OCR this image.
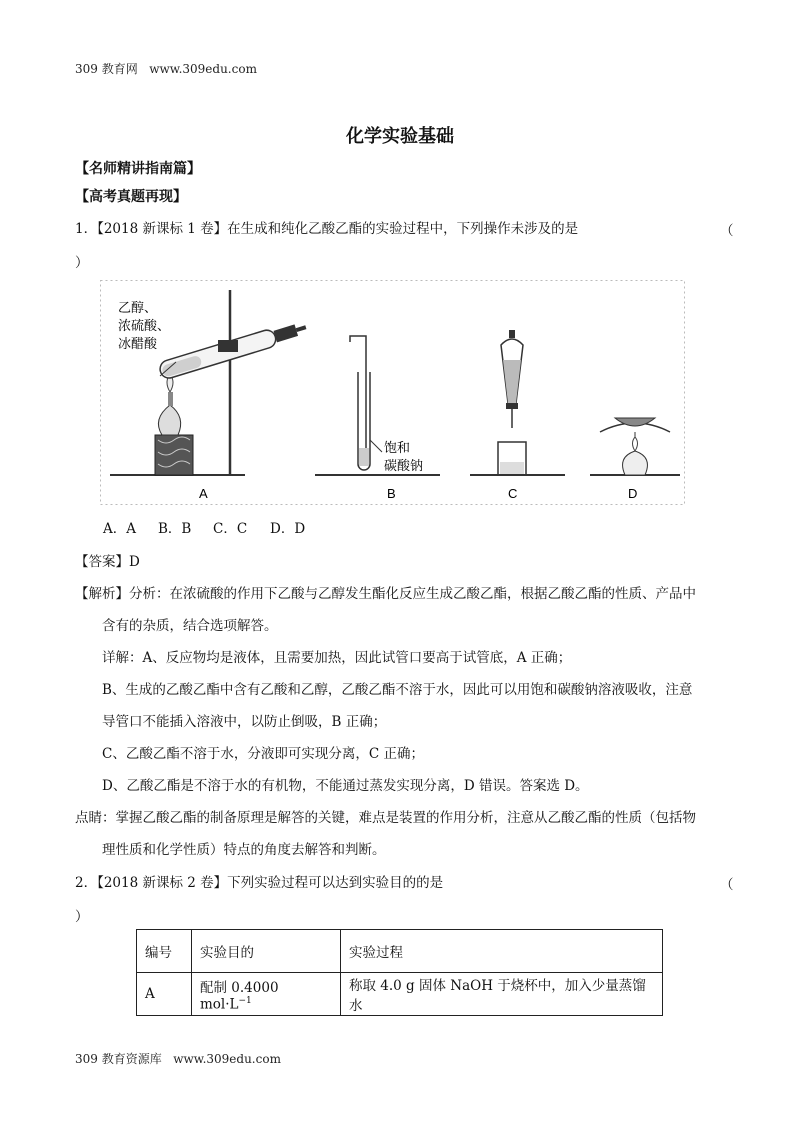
309 教育网 www.309edu.com
化学实验基础
【名师精讲指南篇】
【高考真题再现】
1．【2018 新课标 1 卷】在生成和纯化乙酸乙酯的实验过程中，下列操作未涉及的是	（
）
乙醇、
浓硫酸、
冰醋酸
A
饱和
碳酸钠
B	C	D
A．A B．B C．C D．D
【答案】D
【解析】分析：在浓硫酸的作用下乙酸与乙醇发生酯化反应生成乙酸乙酯，根据乙酸乙酯的性质、产品中
含有的杂质，结合选项解答。
详解：A、反应物均是液体，且需要加热，因此试管口要高于试管底，A 正确；
B、生成的乙酸乙酯中含有乙酸和乙醇，乙酸乙酯不溶于水，因此可以用饱和碳酸钠溶液吸收，注意
导管口不能插入溶液中，以防止倒吸，B 正确；
C、乙酸乙酯不溶于水，分液即可实现分离，C 正确；
D、乙酸乙酯是不溶于水的有机物，不能通过蒸发实现分离，D 错误。答案选 D。
点睛：掌握乙酸乙酯的制备原理是解答的关键，难点是装置的作用分析，注意从乙酸乙酯的性质（包括物
理性质和化学性质）特点的角度去解答和判断。
2．【2018 新课标 2 卷】下列实验过程可以达到实验目的的是	（
）
编号	实验目的	实验过程
A	配制 0.4000 $mol\cdot L^{-1}$	称取 4.0 g 固体 NaOH 于烧杯中，加入少量蒸馏水
309 教育资源库 www.309edu.com
